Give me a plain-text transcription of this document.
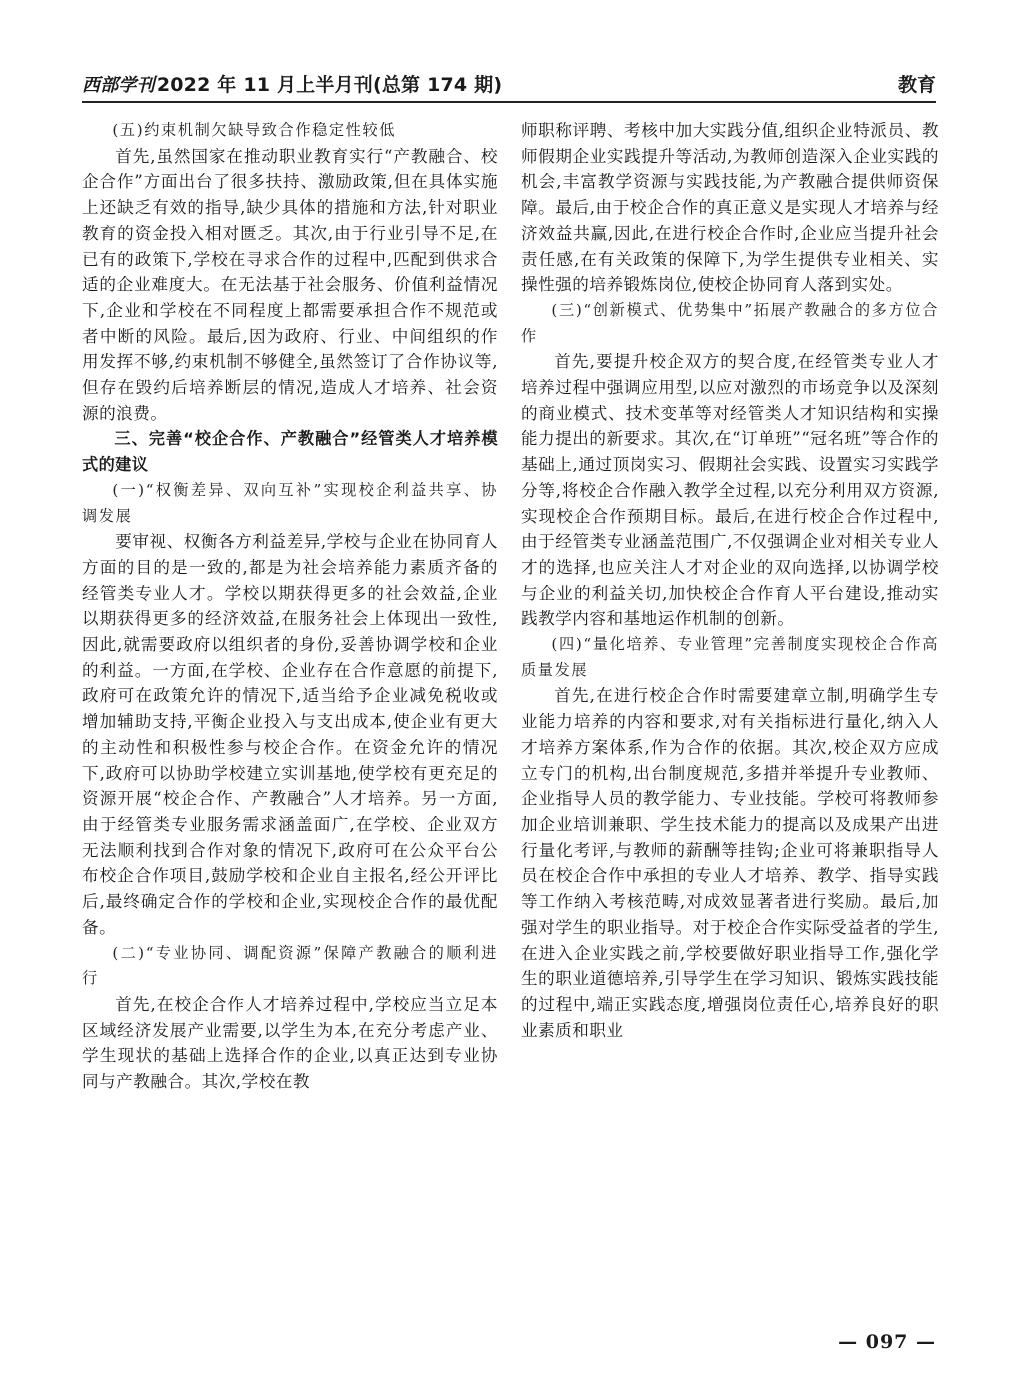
西部学刊 2022 年 11 月上半月刊(总第 174 期)	教育

(五)约束机制欠缺导致合作稳定性较低

首先,虽然国家在推动职业教育实行“产教融合、校企合作”方面出台了很多扶持、激励政策,但在具体实施上还缺乏有效的指导,缺少具体的措施和方法,针对职业教育的资金投入相对匮乏。其次,由于行业引导不足,在已有的政策下,学校在寻求合作的过程中,匹配到供求合适的企业难度大。在无法基于社会服务、价值利益情况下,企业和学校在不同程度上都需要承担合作不规范或者中断的风险。最后,因为政府、行业、中间组织的作用发挥不够,约束机制不够健全,虽然签订了合作协议等,但存在毁约后培养断层的情况,造成人才培养、社会资源的浪费。

三、完善“校企合作、产教融合”经管类人才培养模式的建议

(一)“权衡差异、双向互补”实现校企利益共享、协调发展

要审视、权衡各方利益差异,学校与企业在协同育人方面的目的是一致的,都是为社会培养能力素质齐备的经管类专业人才。学校以期获得更多的社会效益,企业以期获得更多的经济效益,在服务社会上体现出一致性,因此,就需要政府以组织者的身份,妥善协调学校和企业的利益。一方面,在学校、企业存在合作意愿的前提下,政府可在政策允许的情况下,适当给予企业减免税收或增加辅助支持,平衡企业投入与支出成本,使企业有更大的主动性和积极性参与校企合作。在资金允许的情况下,政府可以协助学校建立实训基地,使学校有更充足的资源开展“校企合作、产教融合”人才培养。另一方面,由于经管类专业服务需求涵盖面广,在学校、企业双方无法顺利找到合作对象的情况下,政府可在公众平台公布校企合作项目,鼓励学校和企业自主报名,经公开评比后,最终确定合作的学校和企业,实现校企合作的最优配备。

(二)“专业协同、调配资源”保障产教融合的顺利进行

首先,在校企合作人才培养过程中,学校应当立足本区域经济发展产业需要,以学生为本,在充分考虑产业、学生现状的基础上选择合作的企业,以真正达到专业协同与产教融合。其次,学校在教

师职称评聘、考核中加大实践分值,组织企业特派员、教师假期企业实践提升等活动,为教师创造深入企业实践的机会,丰富教学资源与实践技能,为产教融合提供师资保障。最后,由于校企合作的真正意义是实现人才培养与经济效益共赢,因此,在进行校企合作时,企业应当提升社会责任感,在有关政策的保障下,为学生提供专业相关、实操性强的培养锻炼岗位,使校企协同育人落到实处。

(三)“创新模式、优势集中”拓展产教融合的多方位合作

首先,要提升校企双方的契合度,在经管类专业人才培养过程中强调应用型,以应对激烈的市场竞争以及深刻的商业模式、技术变革等对经管类人才知识结构和实操能力提出的新要求。其次,在“订单班”“冠名班”等合作的基础上,通过顶岗实习、假期社会实践、设置实习实践学分等,将校企合作融入教学全过程,以充分利用双方资源,实现校企合作预期目标。最后,在进行校企合作过程中,由于经管类专业涵盖范围广,不仅强调企业对相关专业人才的选择,也应关注人才对企业的双向选择,以协调学校与企业的利益关切,加快校企合作育人平台建设,推动实践教学内容和基地运作机制的创新。

(四)“量化培养、专业管理”完善制度实现校企合作高质量发展

首先,在进行校企合作时需要建章立制,明确学生专业能力培养的内容和要求,对有关指标进行量化,纳入人才培养方案体系,作为合作的依据。其次,校企双方应成立专门的机构,出台制度规范,多措并举提升专业教师、企业指导人员的教学能力、专业技能。学校可将教师参加企业培训兼职、学生技术能力的提高以及成果产出进行量化考评,与教师的薪酬等挂钩;企业可将兼职指导人员在校企合作中承担的专业人才培养、教学、指导实践等工作纳入考核范畴,对成效显著者进行奖励。最后,加强对学生的职业指导。对于校企合作实际受益者的学生,在进入企业实践之前,学校要做好职业指导工作,强化学生的职业道德培养,引导学生在学习知识、锻炼实践技能的过程中,端正实践态度,增强岗位责任心,培养良好的职业素质和职业

— 097 —
